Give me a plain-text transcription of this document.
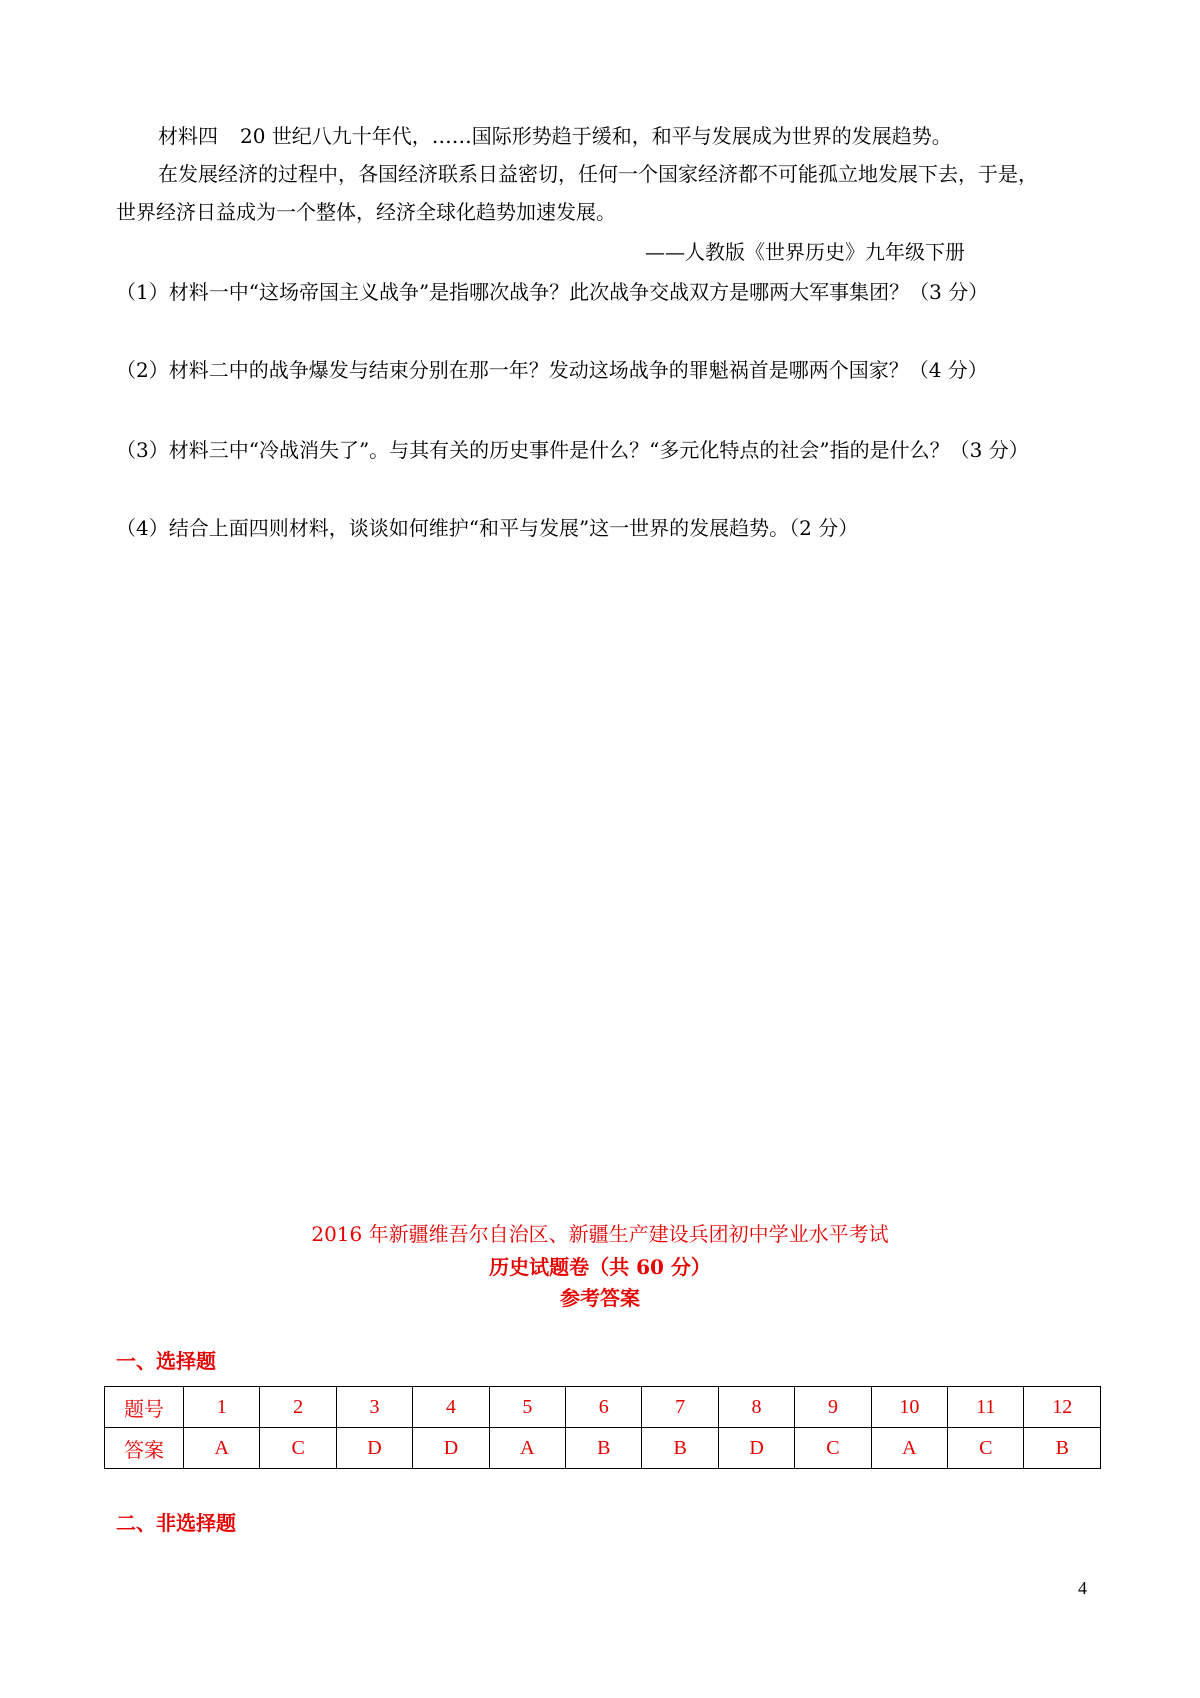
材料四 20 世纪八九十年代，……国际形势趋于缓和，和平与发展成为世界的发展趋势。
在发展经济的过程中，各国经济联系日益密切，任何一个国家经济都不可能孤立地发展下去，于是，
世界经济日益成为一个整体，经济全球化趋势加速发展。
——人教版《世界历史》九年级下册
（1）材料一中“这场帝国主义战争”是指哪次战争？此次战争交战双方是哪两大军事集团？（3 分）
（2）材料二中的战争爆发与结束分别在那一年？发动这场战争的罪魁祸首是哪两个国家？（4 分）
（3）材料三中“冷战消失了”。与其有关的历史事件是什么？“多元化特点的社会”指的是什么？（3 分）
（4）结合上面四则材料，谈谈如何维护“和平与发展”这一世界的发展趋势。（2 分）
2016 年新疆维吾尔自治区、新疆生产建设兵团初中学业水平考试
历史试题卷（共 60 分）
参考答案
一、选择题
题号	1	2	3	4	5	6	7	8	9	10	11	12
答案	A	C	D	D	A	B	B	D	C	A	C	B
二、非选择题
4
